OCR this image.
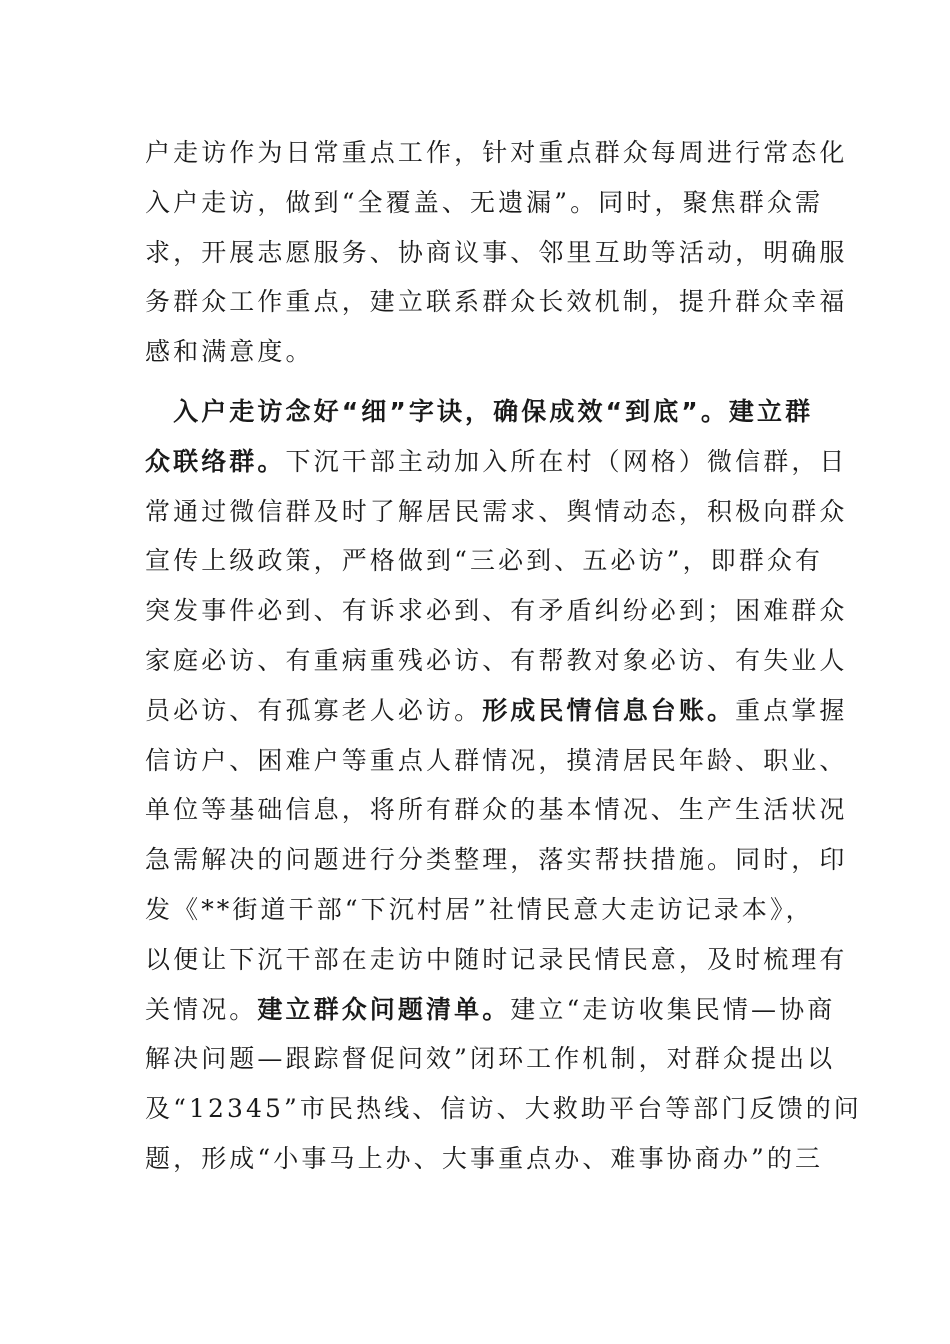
户走访作为日常重点工作，针对重点群众每周进行常态化
入户走访，做到“全覆盖、无遗漏”。同时，聚焦群众需
求，开展志愿服务、协商议事、邻里互助等活动，明确服
务群众工作重点，建立联系群众长效机制，提升群众幸福
感和满意度。
　入户走访念好“细”字诀，确保成效“到底”。建立群
众联络群。下沉干部主动加入所在村（网格）微信群，日
常通过微信群及时了解居民需求、舆情动态，积极向群众
宣传上级政策，严格做到“三必到、五必访”，即群众有
突发事件必到、有诉求必到、有矛盾纠纷必到；困难群众
家庭必访、有重病重残必访、有帮教对象必访、有失业人
员必访、有孤寡老人必访。形成民情信息台账。重点掌握
信访户、困难户等重点人群情况，摸清居民年龄、职业、
单位等基础信息，将所有群众的基本情况、生产生活状况
急需解决的问题进行分类整理，落实帮扶措施。同时，印
发《**街道干部“下沉村居”社情民意大走访记录本》，
以便让下沉干部在走访中随时记录民情民意，及时梳理有
关情况。建立群众问题清单。建立“走访收集民情—协商
解决问题—跟踪督促问效”闭环工作机制，对群众提出以
及“12345”市民热线、信访、大救助平台等部门反馈的问
题，形成“小事马上办、大事重点办、难事协商办”的三
